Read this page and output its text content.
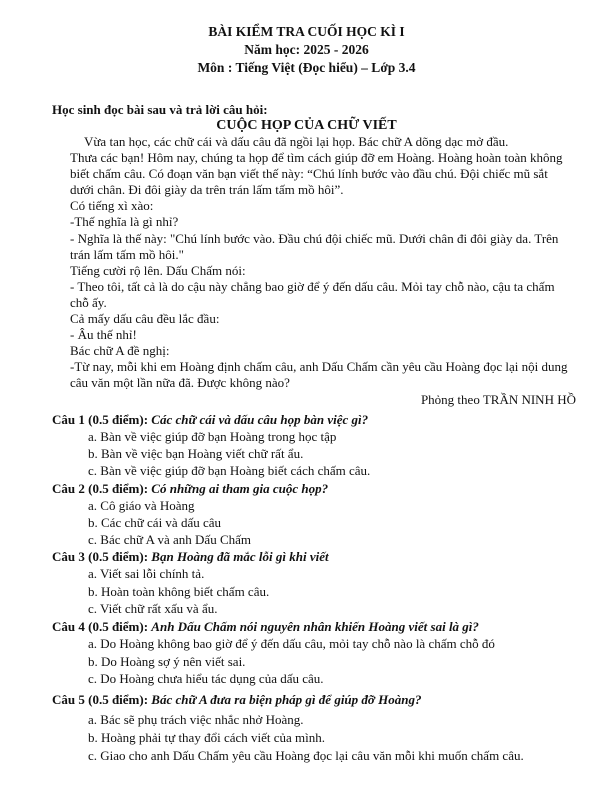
BÀI KIỂM TRA CUỐI HỌC KÌ I
Năm học: 2025 - 2026
Môn : Tiếng Việt (Đọc hiểu) – Lớp 3.4
Học sinh đọc bài sau và trả lời câu hỏi:
CUỘC HỌP CỦA CHỮ VIẾT

Vừa tan học, các chữ cái và dấu câu đã ngồi lại họp. Bác chữ A dõng dạc mở đầu.

Thưa các bạn! Hôm nay, chúng ta họp để tìm cách giúp đỡ em Hoàng. Hoàng hoàn toàn không biết chấm câu. Có đoạn văn bạn viết thế này: “Chú lính bước vào đầu chú. Đội chiếc mũ sắt dưới chân. Đi đôi giày da trên trán lấm tấm mồ hôi”.

Có tiếng xì xào:

-Thế nghĩa là gì nhỉ?

- Nghĩa là thế này: "Chú lính bước vào. Đầu chú đội chiếc mũ. Dưới chân đi đôi giày da. Trên trán lấm tấm mồ hôi."

Tiếng cười rộ lên. Dấu Chấm nói:

- Theo tôi, tất cả là do cậu này chẳng bao giờ để ý đến dấu câu. Mỏi tay chỗ nào, cậu ta chấm chỗ ấy.

Cả mấy dấu câu đều lắc đầu:

- Âu thế nhỉ!

Bác chữ A đề nghị:

-Từ nay, mỗi khi em Hoàng định chấm câu, anh Dấu Chấm cần yêu cầu Hoàng đọc lại nội dung câu văn một lần nữa đã. Được không nào?

Phỏng theo TRẦN NINH HỒ

Câu 1 (0.5 điểm): Các chữ cái và dấu câu họp bàn việc gì?
a. Bàn về việc giúp đỡ bạn Hoàng trong học tập
b. Bàn về việc bạn Hoàng viết chữ rất ẩu.
c. Bàn về việc giúp đỡ bạn Hoàng biết cách chấm câu.
Câu 2 (0.5 điểm): Có những ai tham gia cuộc họp?
a. Cô giáo và Hoàng
b. Các chữ cái và dấu câu
c. Bác chữ A và anh Dấu Chấm
Câu 3 (0.5 điểm): Bạn Hoàng đã mắc lỗi gì khi viết
a. Viết sai lỗi chính tả.
b. Hoàn toàn không biết chấm câu.
c. Viết chữ rất xấu và ẩu.
Câu 4 (0.5 điểm): Anh Dấu Chấm nói nguyên nhân khiến Hoàng viết sai là gì?
a. Do Hoàng không bao giờ để ý đến dấu câu, mỏi tay chỗ nào là chấm chỗ đó
b. Do Hoàng sợ ý nên viết sai.
c. Do Hoàng chưa hiểu tác dụng của dấu câu.
Câu 5 (0.5 điểm): Bác chữ A đưa ra biện pháp gì để giúp đỡ Hoàng?
a. Bác sẽ phụ trách việc nhắc nhở Hoàng.
b. Hoàng phải tự thay đổi cách viết của mình.
c. Giao cho anh Dấu Chấm yêu cầu Hoàng đọc lại câu văn mỗi khi muốn chấm câu.
